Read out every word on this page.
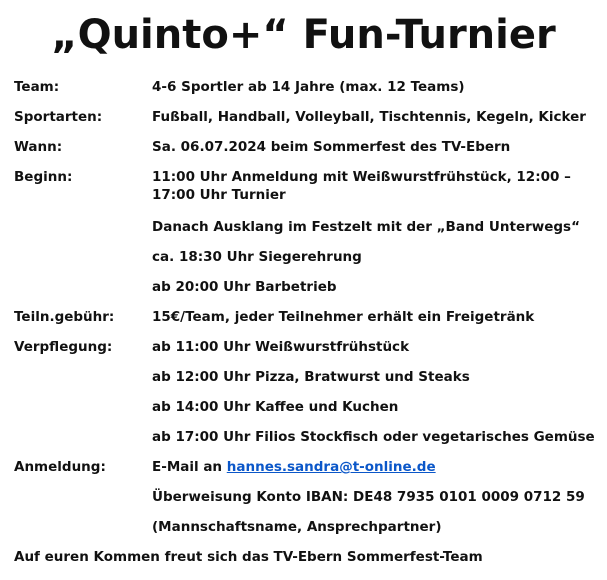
„Quinto+“ Fun-Turnier
Team:	4-6 Sportler ab 14 Jahre (max. 12 Teams)
Sportarten:	Fußball, Handball, Volleyball, Tischtennis, Kegeln, Kicker
Wann:	Sa. 06.07.2024 beim Sommerfest des TV-Ebern
Beginn:	11:00 Uhr Anmeldung mit Weißwurstfrühstück, 12:00 – 17:00 Uhr Turnier
Danach Ausklang im Festzelt mit der „Band Unterwegs“
ca. 18:30 Uhr Siegerehrung
ab 20:00 Uhr Barbetrieb
Teiln.gebühr:	15€/Team, jeder Teilnehmer erhält ein Freigetränk
Verpflegung:	ab 11:00 Uhr Weißwurstfrühstück
ab 12:00 Uhr Pizza, Bratwurst und Steaks
ab 14:00 Uhr Kaffee und Kuchen
ab 17:00 Uhr Filios Stockfisch oder vegetarisches Gemüse
Anmeldung:	E-Mail an hannes.sandra@t-online.de
Überweisung Konto IBAN: DE48 7935 0101 0009 0712 59
(Mannschaftsname, Ansprechpartner)
Auf euren Kommen freut sich das TV-Ebern Sommerfest-Team
